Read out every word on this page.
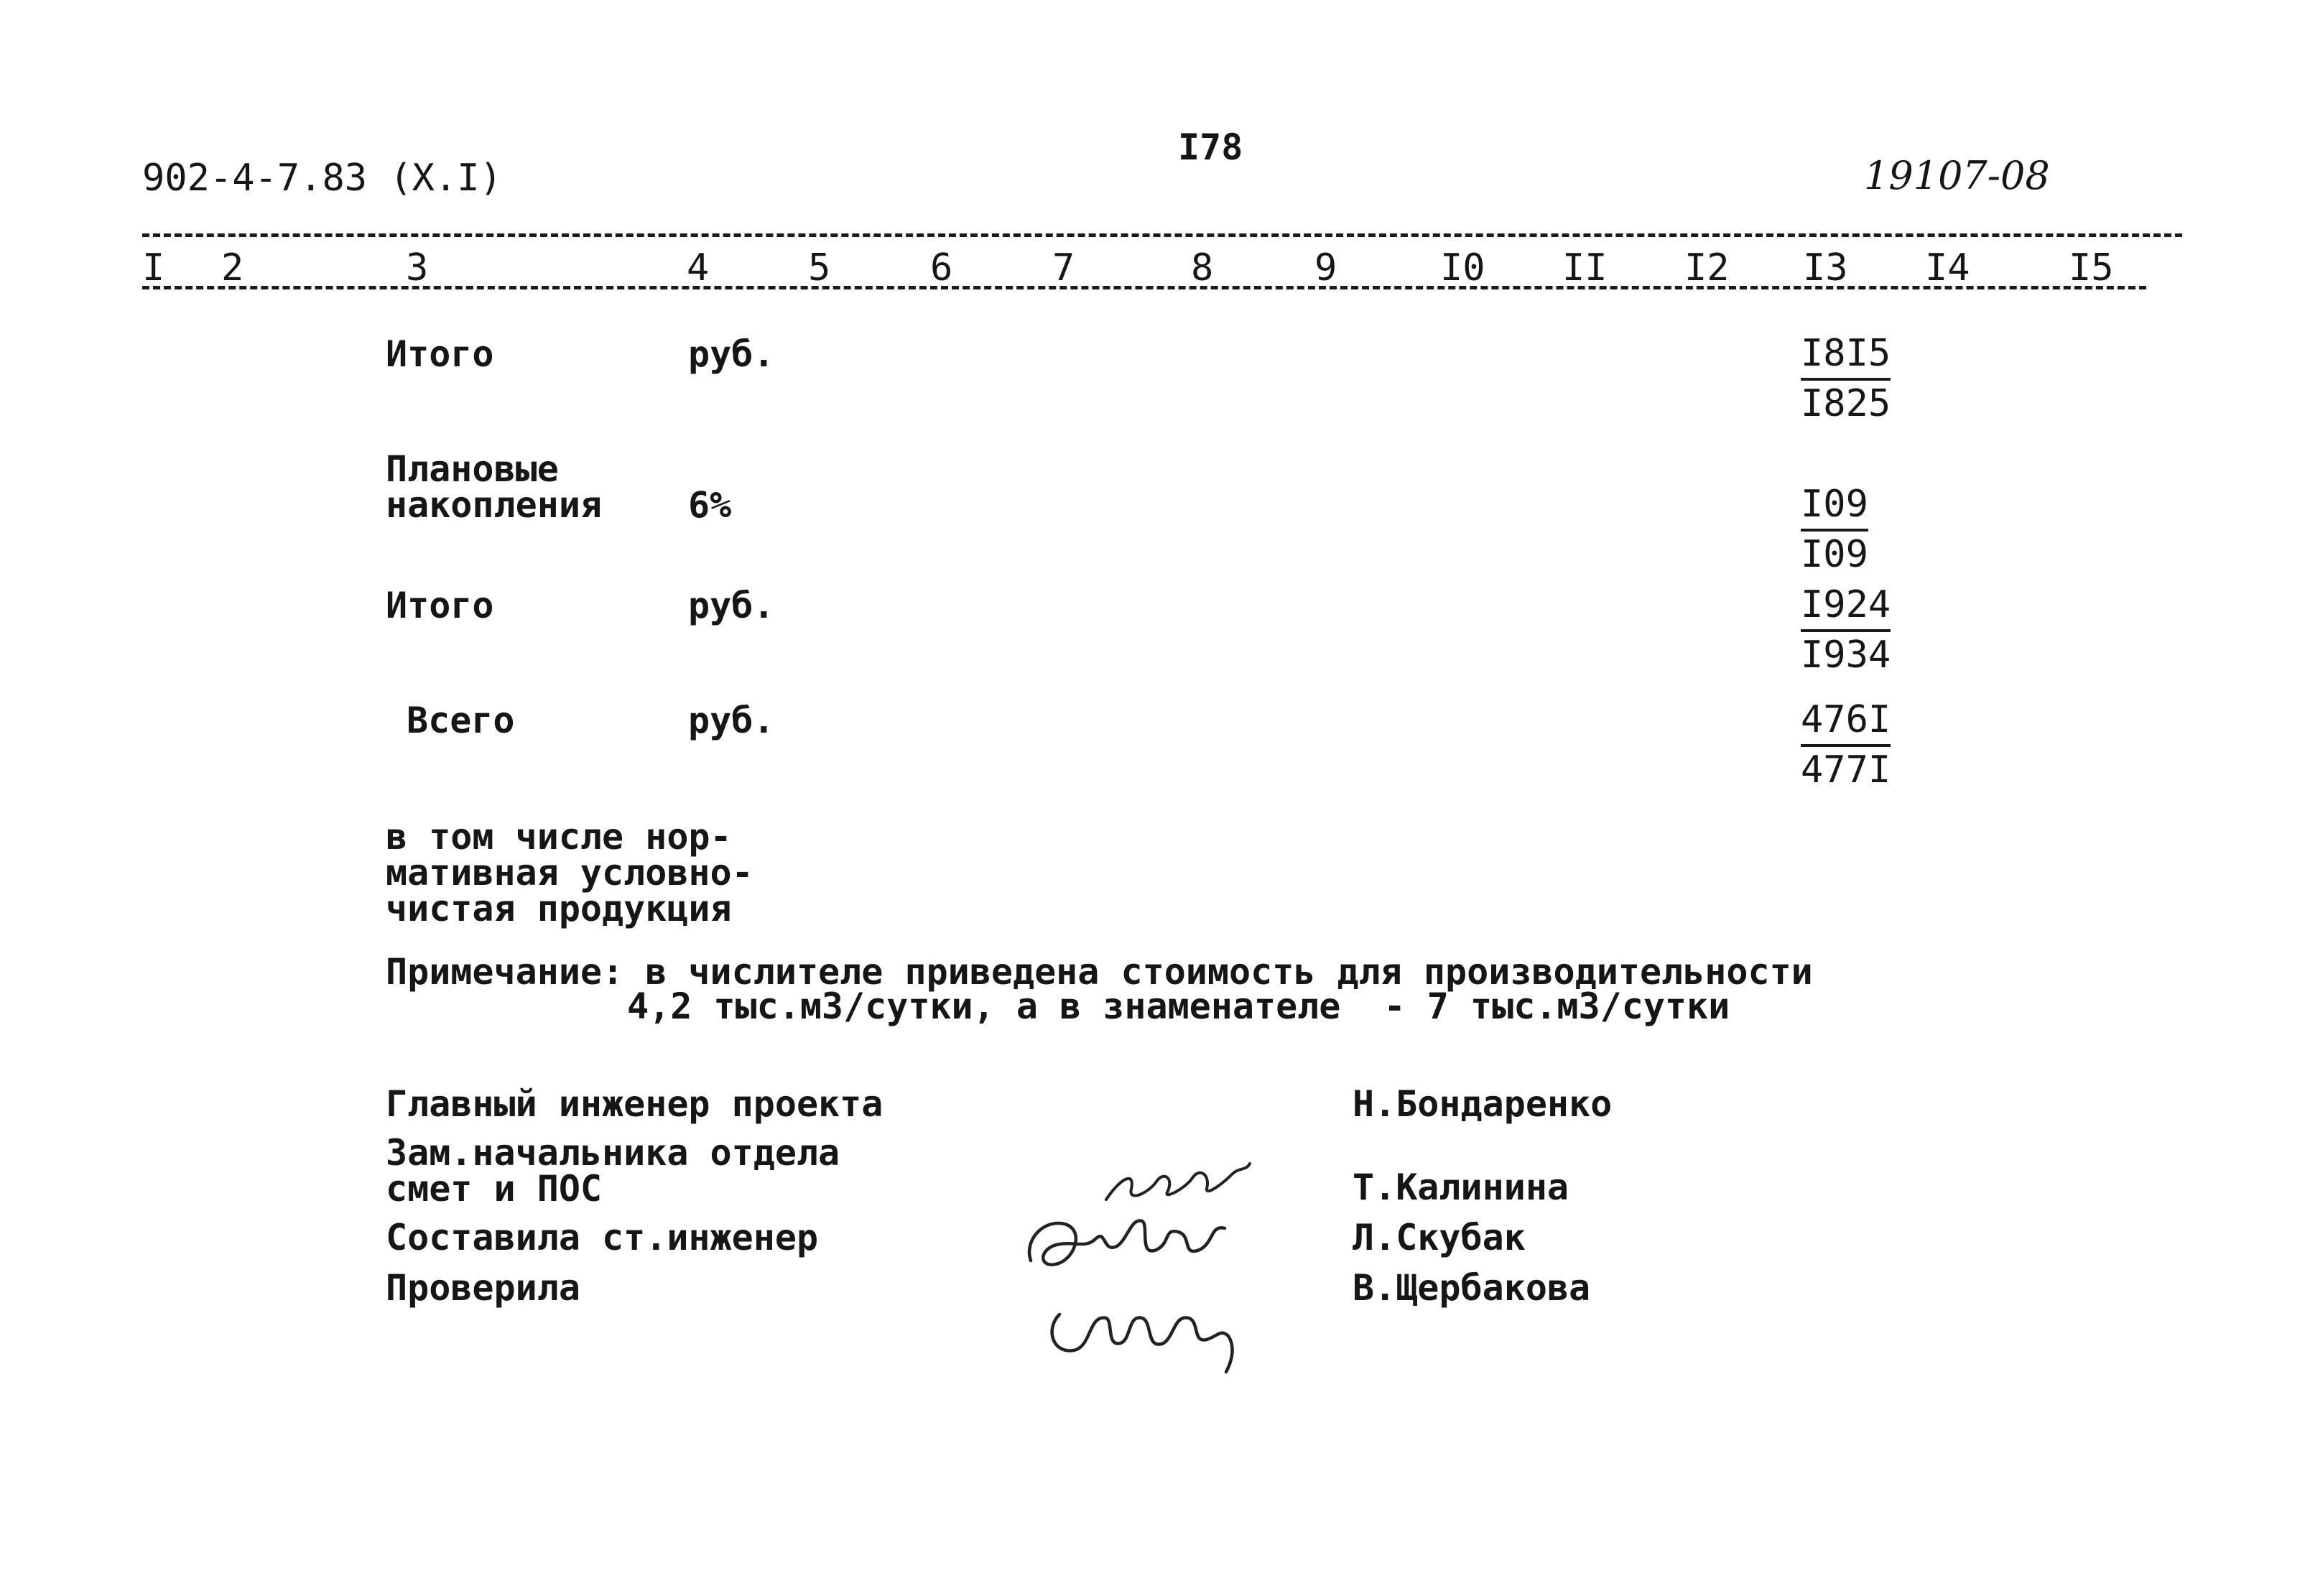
902-4-7.83 (X.I)
I78
19107-08
I 2	3	4	5	6	7	8	9	I0 II I2 I3 I4	I5
Итого	руб.	I8I5
I825
Плановые
накопления 6%	I09
I09
Итого	руб.	I924
I934
Всего	руб.	476I
477I
в том числе нор-
мативная условно-
чистая продукция
Примечание: в числителе приведена стоимость для производительности
4,2 тыс.м3/сутки, а в знаменателе  - 7 тыс.м3/сутки
Главный инженер проекта	Н.Бондаренко
Зам.начальника отдела
смет и ПОС	Т.Калинина
Составила ст.инженер	Л.Скубак
Проверила	В.Щербакова
